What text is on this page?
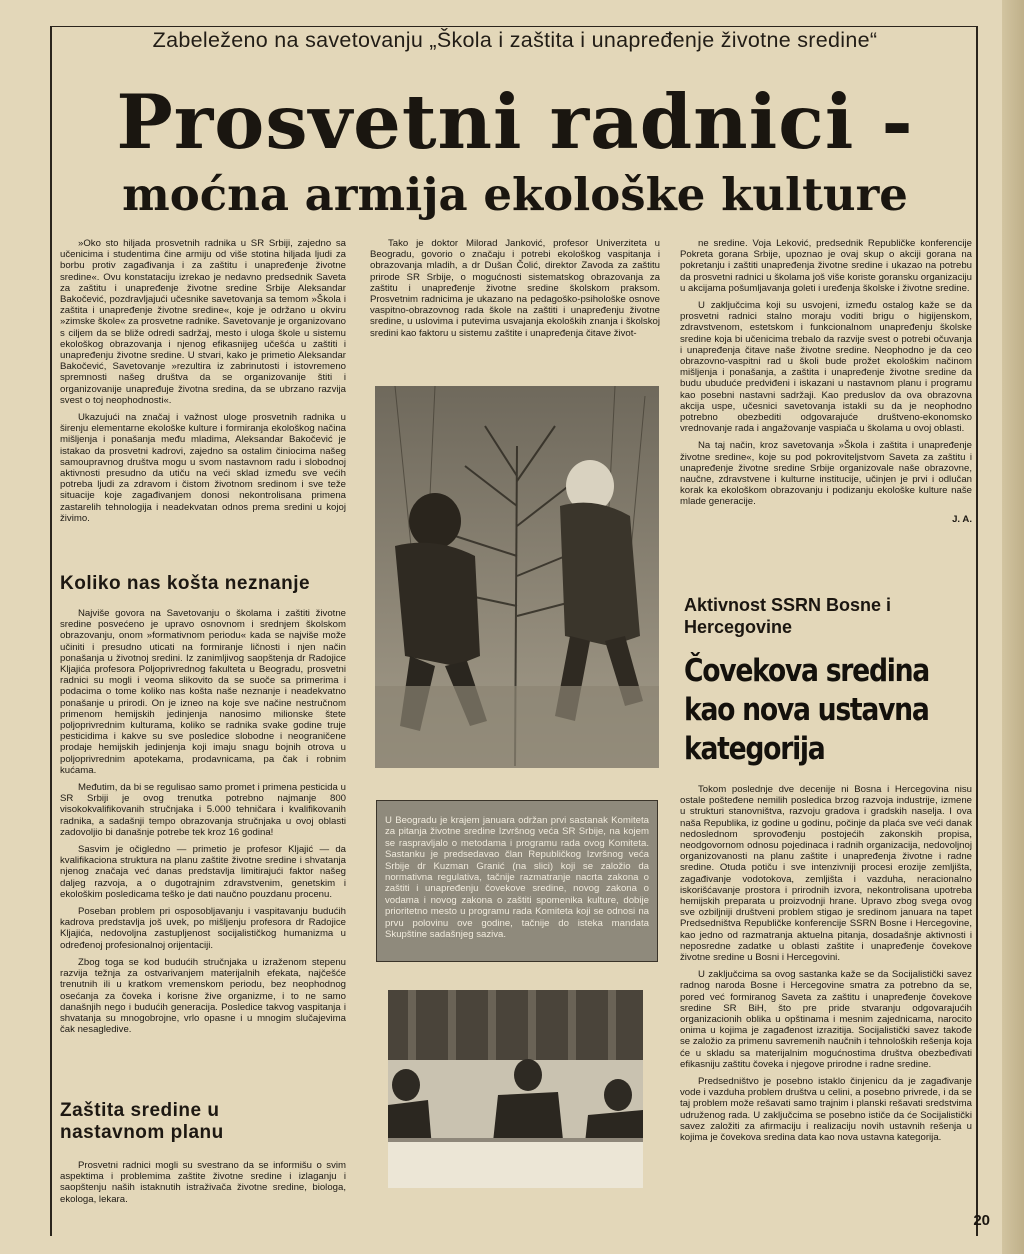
Zabeleženo na savetovanju „Škola i zaštita i unapređenje životne sredine“
Prosvetni radnici -
moćna armija ekološke kulture

»Oko sto hiljada prosvetnih radnika u SR Srbiji, zajedno sa učenicima i studentima čine armiju od više stotina hiljada ljudi za borbu protiv zagađivanja i za zaštitu i unapređenje životne sredine«. Ovu konstataciju izrekao je nedavno predsednik Saveta za zaštitu i unapređenje životne sredine Srbije Aleksandar Bakočević, pozdravljajući učesnike savetovanja sa temom »Škola i zaštita i unapređenje životne sredine«, koje je održano u okviru »zimske škole« za prosvetne radnike. Savetovanje je organizovano s ciljem da se bliže odredi sadržaj, mesto i uloga škole u sistemu ekološkog obrazovanja i njenog efikasnijeg učešća u zaštiti i unapređenju životne sredine. U stvari, kako je primetio Aleksandar Bakočević, Savetovanje »rezultira iz zabrinutosti i istovremeno spremnosti našeg društva da se organizovanije štiti i organizovanije unapređuje životna sredina, da se ubrzano razvija svest o toj neophodnosti«.

Ukazujući na značaj i važnost uloge prosvetnih radnika u širenju elementarne ekološke kulture i formiranja ekološkog načina mišljenja i ponašanja među mladima, Aleksandar Bakočević je istakao da prosvetni kadrovi, zajedno sa ostalim činiocima našeg samoupravnog društva mogu u svom nastavnom radu i slobodnoj aktivnosti presudno da utiču na veći sklad između sve većih potreba ljudi za zdravom i čistom životnom sredinom i sve teže situacije koje zagađivanjem donosi nekontrolisana primena zastarelih tehnologija i neadekvatan odnos prema sredini u kojoj živimo.

Koliko nas košta neznanje

Najviše govora na Savetovanju o školama i zaštiti životne sredine posvećeno je upravo osnovnom i srednjem školskom obrazovanju, onom »formativnom periodu« kada se najviše može učiniti i presudno uticati na formiranje ličnosti i njen način ponašanja u životnoj sredini. Iz zanimljivog saopštenja dr Radojice Kljajića profesora Poljoprivrednog fakulteta u Beogradu, prosvetni radnici su mogli i veoma slikovito da se suoče sa primerima i podacima o tome koliko nas košta naše neznanje i neadekvatno ponašanje u prirodi. On je izneo na koje sve načine nestručnom primenom hemijskih jedinjenja nanosimo milionske štete poljoprivrednim kulturama, koliko se radnika svake godine truje pesticidima i kakve su sve posledice slobodne i neograničene prodaje hemijskih jedinjenja koji imaju snagu bojnih otrova u poljoprivrednim apotekama, prodavnicama, pa čak i robnim kućama.

Međutim, da bi se regulisao samo promet i primena pesticida u SR Srbiji je ovog trenutka potrebno najmanje 800 visokokvalifikovanih stručnjaka i 5.000 tehničara i kvalifikovanih radnika, a sadašnji tempo obrazovanja stručnjaka u ovoj oblasti zadovoljio bi današnje potrebe tek kroz 16 godina!

Sasvim je očigledno — primetio je profesor Kljajić — da kvalifikaciona struktura na planu zaštite životne sredine i shvatanja njenog značaja već danas predstavlja limitirajući faktor našeg daljeg razvoja, a o dugotrajnim zdravstvenim, genetskim i ekološkim posledicama teško je dati naučno pouzdanu procenu.

Poseban problem pri osposobljavanju i vaspitavanju budućih kadrova predstavlja još uvek, po mišljenju profesora dr Radojice Kljajića, nedovoljna zastupljenost socijalističkog humanizma u određenoj profesionalnoj orijentaciji.

Zbog toga se kod budućih stručnjaka u izraženom stepenu razvija težnja za ostvarivanjem materijalnih efekata, najčešće trenutnih ili u kratkom vremenskom periodu, bez neophodnog osećanja za čoveka i korisne žive organizme, i to ne samo današnjih nego i budućih generacija. Posledice takvog vaspitanja i shvatanja su mnogobrojne, vrlo opasne i u mnogim slučajevima čak nesagledive.

Zaštita sredine u nastavnom planu

Prosvetni radnici mogli su svestrano da se informišu o svim aspektima i problemima zaštite životne sredine i izlaganju i saopštenju naših istaknutih istraživača životne sredine, biologa, ekologa, lekara.

Tako je doktor Milorad Janković, profesor Univerziteta u Beogradu, govorio o značaju i potrebi ekološkog vaspitanja i obrazovanja mladih, a dr Dušan Čolić, direktor Zavoda za zaštitu prirode SR Srbije, o mogućnosti sistematskog obrazovanja za zaštitu i unapređenje životne sredine školskom praksom. Prosvetnim radnicima je ukazano na pedagoško-psihološke osnove vaspitno-obrazovnog rada škole na zaštiti i unapređenju životne sredine, u uslovima i putevima usvajanja ekoloških znanja i školskoj sredini kao faktoru u sistemu zaštite i unapređenja čitave život-

U Beogradu je krajem januara održan prvi sastanak Komiteta za pitanja životne sredine Izvršnog veća SR Srbije, na kojem se raspravljalo o metodama i programu rada ovog Komiteta. Sastanku je predsedavao član Republičkog Izvršnog veća Srbije dr Kuzman Granić (na slici) koji se založio da normativna regulativa, tačnije razmatranje nacrta zakona o zaštiti i unapređenju čovekove sredine, novog zakona o vodama i novog zakona o zaštiti spomenika kulture, dobije prioritetno mesto u programu rada Komiteta koji se odnosi na prvu polovinu ove godine, tačnije do isteka mandata Skupštine sadašnjeg saziva.

ne sredine. Voja Leković, predsednik Republičke konferencije Pokreta gorana Srbije, upoznao je ovaj skup o akciji gorana na pokretanju i zaštiti unapređenja životne sredine i ukazao na potrebu da prosvetni radnici u školama još više koriste goransku organizaciju u akcijama pošumljavanja goleti i uređenja školske i životne sredine.

U zaključcima koji su usvojeni, između ostalog kaže se da prosvetni radnici stalno moraju voditi brigu o higijenskom, zdravstvenom, estetskom i funkcionalnom unapređenju školske sredine koja bi učenicima trebalo da razvije svest o potrebi očuvanja i unapređenja čitave naše životne sredine. Neophodno je da ceo obrazovno-vaspitni rad u školi bude prožet ekološkim načinom mišljenja i ponašanja, a zaštita i unapređenje životne sredine da budu ubuduće predviđeni i iskazani u nastavnom planu i programu kao posebni nastavni sadržaji. Kao preduslov da ova obrazovna akcija uspe, učesnici savetovanja istakli su da je neophodno potrebno obezbediti odgovarajuće društveno-ekonomsko vrednovanje rada i angažovanje vaspiača u školama u ovoj oblasti.

Na taj način, kroz savetovanja »Škola i zaštita i unapređenje životne sredine«, koje su pod pokroviteljstvom Saveta za zaštitu i unapređenje životne sredine Srbije organizovale naše obrazovne, naučne, zdravstvene i kulturne institucije, učinjen je prvi i odlučan korak ka ekološkom obrazovanju i podizanju ekološke kulture naše mlade generacije.

J. A.

Aktivnost SSRN Bosne i Hercegovine
Čovekova sredina kao nova ustavna kategorija

Tokom poslednje dve decenije ni Bosna i Hercegovina nisu ostale pošteđene nemilih posledica brzog razvoja industrije, izmene u strukturi stanovništva, razvoju gradova i gradskih naselja. I ova naša Republika, iz godine u godinu, počinje da plaća sve veći danak nedoslednom sprovođenju postojećih zakonskih propisa, neodgovornom odnosu pojedinaca i radnih organizacija, nedovoljnoj organizovanosti na planu zaštite i unapređenja životne i radne sredine. Otuda potiču i sve intenzivniji procesi erozije zemljišta, zagađivanje vodotokova, zemljišta i vazduha, neracionalno iskorišćavanje prostora i prirodnih izvora, nekontrolisana upotreba hemijskih preparata u proizvodnji hrane. Upravo zbog svega ovog sve ozbiljniji društveni problem stigao je sredinom januara na tapet Predsedništva Republičke konferencije SSRN Bosne i Hercegovine, kao jedno od razmatranja aktuelna pitanja, dosadašnje aktivnosti i neposredne zadatke u oblasti zaštite i unapređenje čovekove životne sredine u Bosni i Hercegovini.

U zaključcima sa ovog sastanka kaže se da Socijalistički savez radnog naroda Bosne i Hercegovine smatra za potrebno da se, pored već formiranog Saveta za zaštitu i unapređenje čovekove sredine SR BiH, što pre pride stvaranju odgovarajućih organizacionih oblika u opštinama i mesnim zajednicama, narocito onima u kojima je zagađenost izrazitija. Socijalistički savez takođe se založio za primenu savremenih naučnih i tehnoloških rešenja koja će u skladu sa materijalnim mogućnostima društva obezbeđivati efikasniju zaštitu čoveka i njegove prirodne i radne sredine.

Predsedništvo je posebno istaklo činjenicu da je zagađivanje vode i vazduha problem društva u celini, a posebno privrede, i da se taj problem može rešavati samo trajnim i planski rešavati sredstvima udruženog rada. U zaključcima se posebno ističe da će Socijalistički savez založiti za afirmaciju i realizaciju novih ustavnih rešenja u kojima je čovekova sredina data kao nova ustavna kategorija.

20
